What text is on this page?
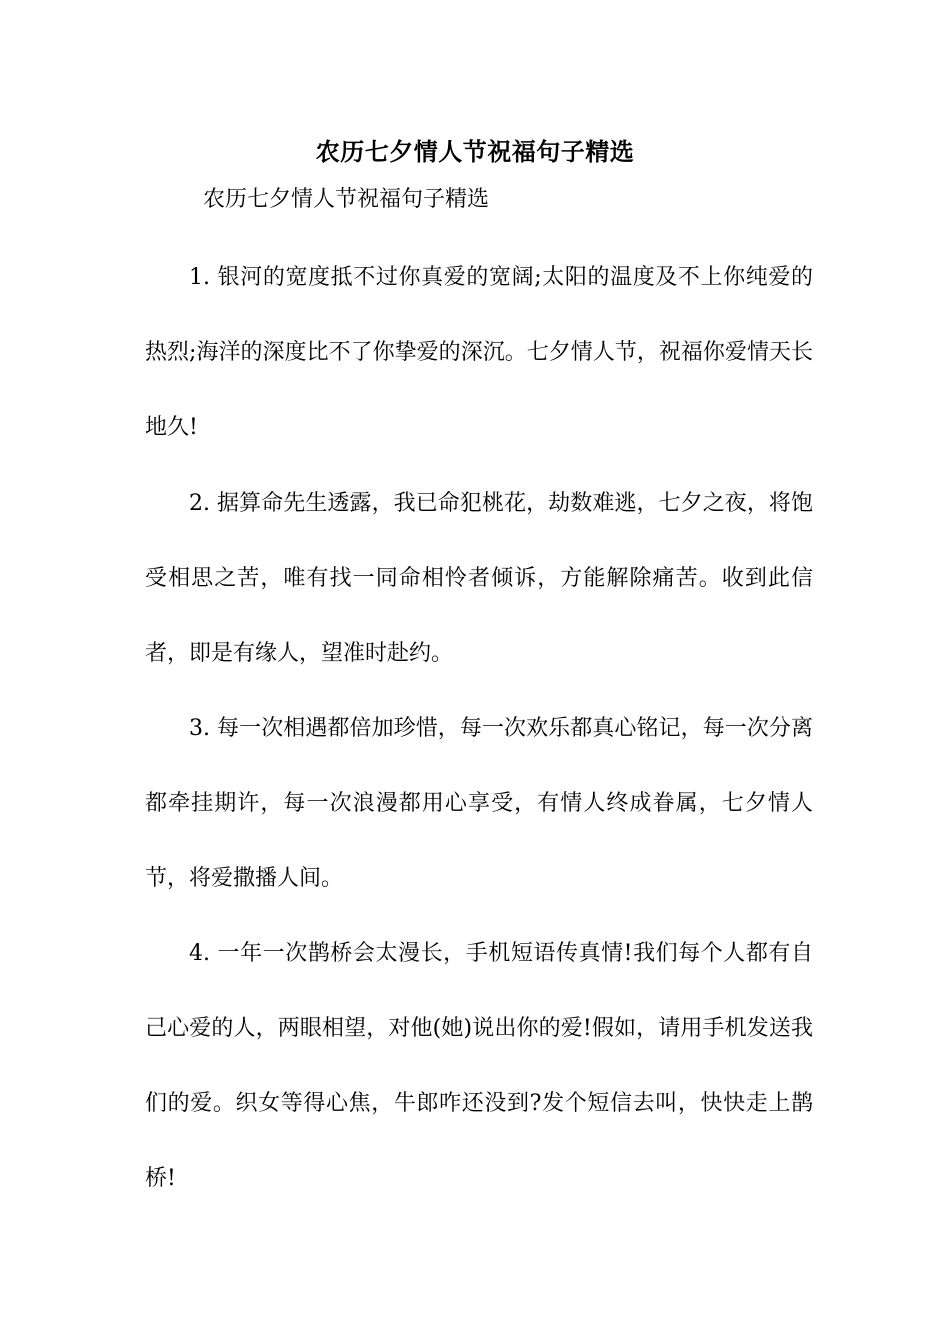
农历七夕情人节祝福句子精选
农历七夕情人节祝福句子精选

1. 银河的宽度抵不过你真爱的宽阔;太阳的温度及不上你纯爱的热烈;海洋的深度比不了你挚爱的深沉。七夕情人节，祝福你爱情天长地久!

2. 据算命先生透露，我已命犯桃花，劫数难逃，七夕之夜，将饱受相思之苦，唯有找一同命相怜者倾诉，方能解除痛苦。收到此信者，即是有缘人，望准时赴约。

3. 每一次相遇都倍加珍惜，每一次欢乐都真心铭记，每一次分离都牵挂期许，每一次浪漫都用心享受，有情人终成眷属，七夕情人节，将爱撒播人间。

4. 一年一次鹊桥会太漫长，手机短语传真情!我们每个人都有自己心爱的人，两眼相望，对他(她)说出你的爱!假如，请用手机发送我们的爱。织女等得心焦，牛郎咋还没到?发个短信去叫，快快走上鹊桥!
